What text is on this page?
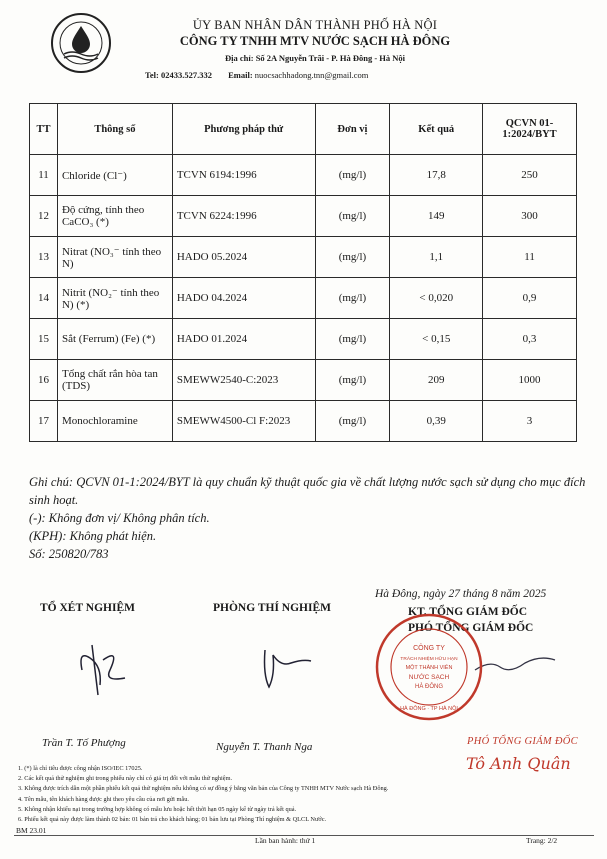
ỦY BAN NHÂN DÂN THÀNH PHỐ HÀ NỘI
CÔNG TY TNHH MTV NƯỚC SẠCH HÀ ĐÔNG
Địa chỉ: Số 2A Nguyễn Trãi - P. Hà Đông - Hà Nội
Tel: 02433.527.332 Email: nuocsachhadong.tnn@gmail.com
TT	Thông số	Phương pháp thử	Đơn vị	Kết quả	QCVN 01-1:2024/BYT
11	Chloride (Cl⁻)	TCVN 6194:1996	(mg/l)	17,8	250
12	Độ cứng, tính theo CaCO₃ (*)	TCVN 6224:1996	(mg/l)	149	300
13	Nitrat (NO₃⁻ tính theo N)	HADO 05.2024	(mg/l)	1,1	11
14	Nitrit (NO₂⁻ tính theo N) (*)	HADO 04.2024	(mg/l)	< 0,020	0,9
15	Sắt (Ferrum) (Fe) (*)	HADO 01.2024	(mg/l)	< 0,15	0,3
16	Tổng chất rắn hòa tan (TDS)	SMEWW2540-C:2023	(mg/l)	209	1000
17	Monochloramine	SMEWW4500-Cl F:2023	(mg/l)	0,39	3
Ghi chú: QCVN 01-1:2024/BYT là quy chuẩn kỹ thuật quốc gia về chất lượng nước sạch sử dụng cho mục đích sinh hoạt.
(-): Không đơn vị/ Không phân tích.
(KPH): Không phát hiện.
Số: 250820/783
Hà Đông, ngày 27 tháng 8 năm 2025
KT. TỔNG GIÁM ĐỐC
PHÓ TỔNG GIÁM ĐỐC
TỔ XÉT NGHIỆM	PHÒNG THÍ NGHIỆM
CÔNG TY
TRÁCH NHIỆM HỮU HẠN
MỘT THÀNH VIÊN
NƯỚC SẠCH
HÀ ĐÔNG
HÀ ĐÔNG · TP HÀ NỘI
Trần T. Tố Phượng	Nguyễn T. Thanh Nga	PHÓ TỔNG GIÁM ĐỐC
Tô Anh Quân
1. (*) là chỉ tiêu được công nhận ISO/IEC 17025.
2. Các kết quả thử nghiệm ghi trong phiếu này chỉ có giá trị đối với mẫu thử nghiệm.
3. Không được trích dẫn một phần phiếu kết quả thử nghiệm nếu không có sự đồng ý bằng văn bản của Công ty TNHH MTV Nước sạch Hà Đông.
4. Tên mẫu, tên khách hàng được ghi theo yêu cầu của nơi gửi mẫu.
5. Không nhận khiếu nại trong trường hợp không có mẫu lưu hoặc hết thời hạn 05 ngày kể từ ngày trả kết quả.
6. Phiếu kết quả này được làm thành 02 bản: 01 bản trả cho khách hàng; 01 bản lưu tại Phòng Thí nghiệm & QLCL Nước.
BM 23.01
Lần ban hành: thứ 1	Trang: 2/2
